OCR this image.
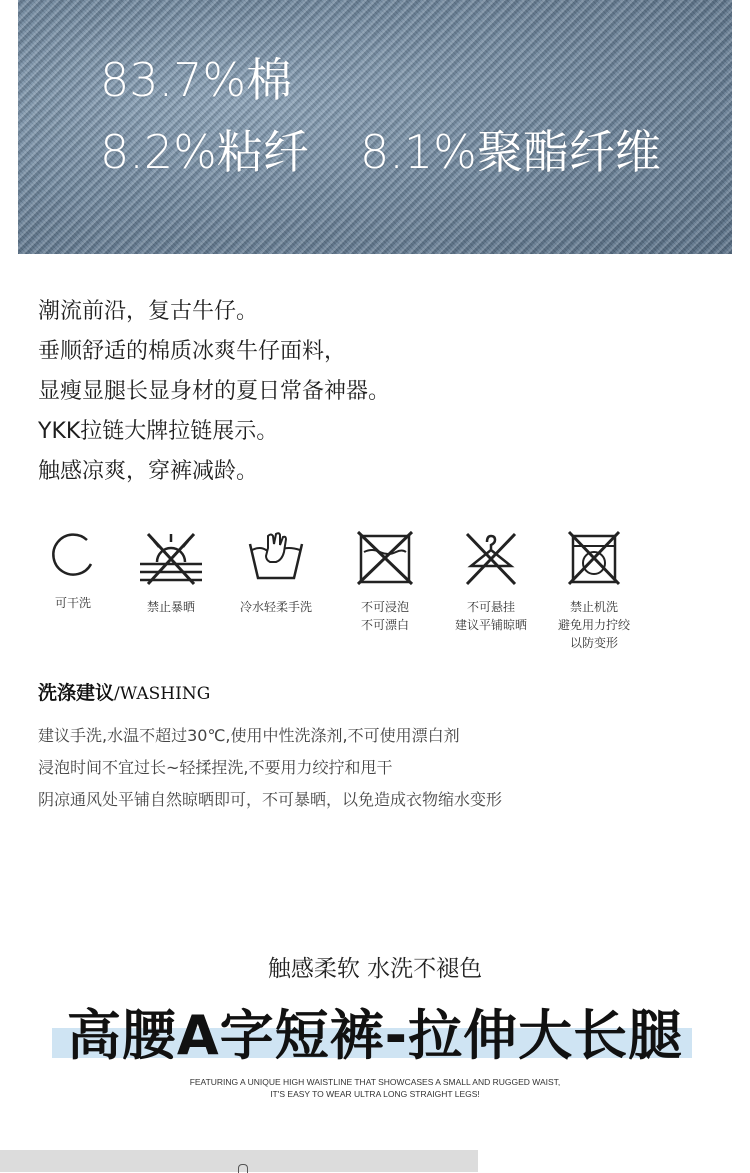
83.7%棉
8.2%粘纤 8.1%聚酯纤维
潮流前沿，复古牛仔。
垂顺舒适的棉质冰爽牛仔面料，
显瘦显腿长显身材的夏日常备神器。
YKK拉链大牌拉链展示。
触感凉爽，穿裤减龄。
可干洗	禁止暴晒	冷水轻柔手洗	不可浸泡
不可漂白
不可悬挂
建议平铺晾晒
禁止机洗
避免用力拧绞
以防变形
洗涤建议/WASHING
建议手洗,水温不超过30℃,使用中性洗涤剂,不可使用漂白剂
浸泡时间不宜过长~轻揉捏洗,不要用力绞拧和甩干
阴凉通风处平铺自然晾晒即可，不可暴晒，以免造成衣物缩水变形
触感柔软 水洗不褪色
高腰A字短裤-拉伸大长腿
FEATURING A UNIQUE HIGH WAISTLINE THAT SHOWCASES A SMALL AND RUGGED WAIST,
IT'S EASY TO WEAR ULTRA LONG STRAIGHT LEGS!
